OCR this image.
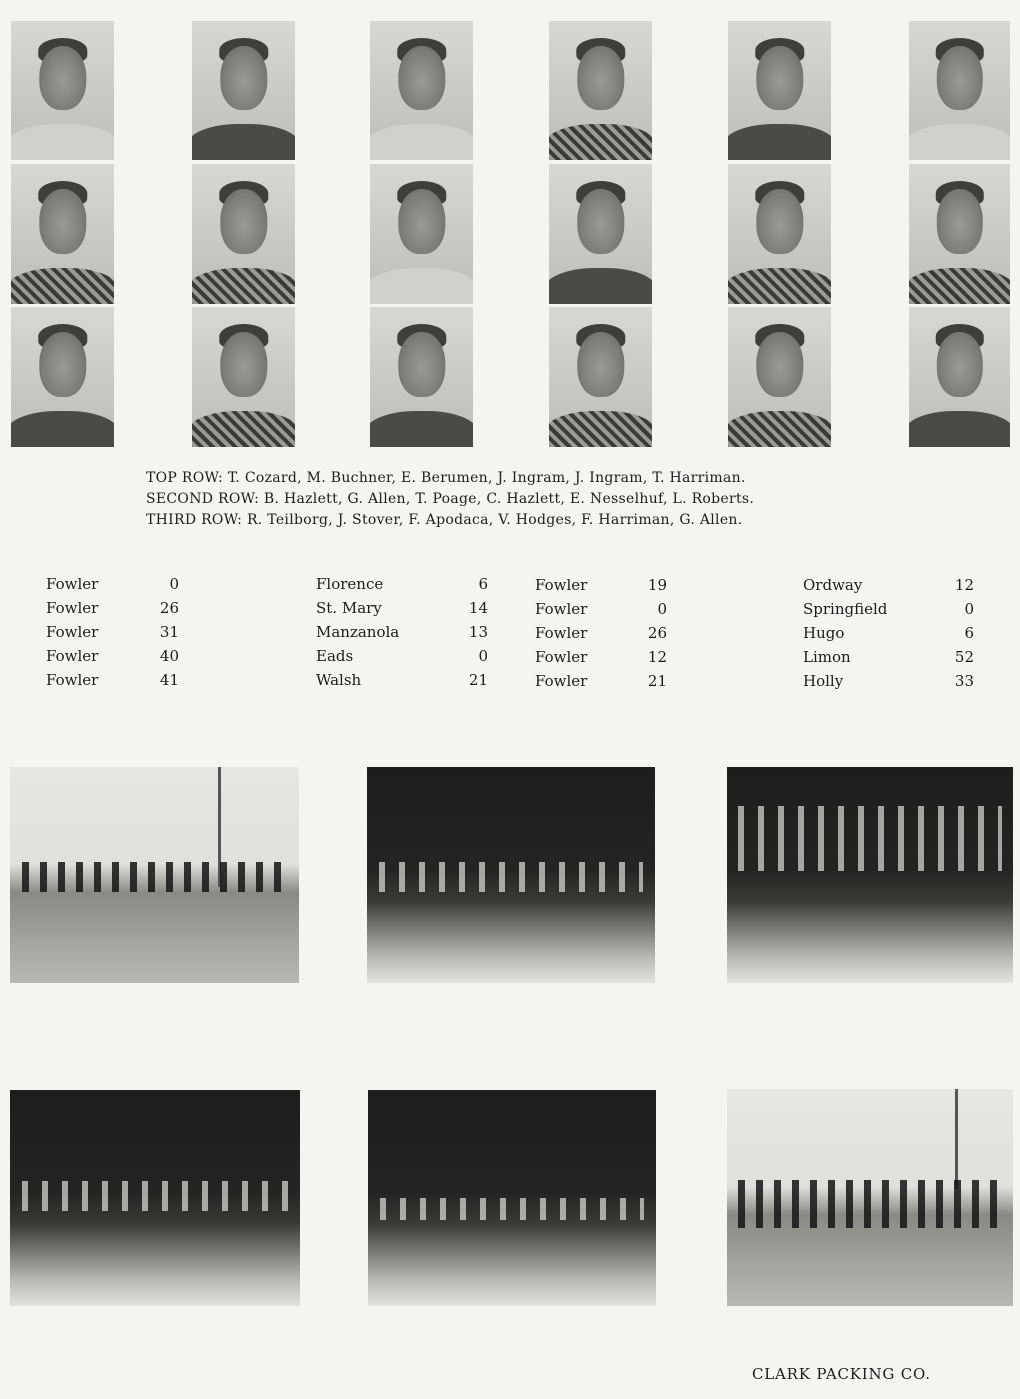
TOP ROW: T. Cozard, M. Buchner, E. Berumen, J. Ingram, J. Ingram, T. Harriman.
SECOND ROW: B. Hazlett, G. Allen, T. Poage, C. Hazlett, E. Nesselhuf, L. Roberts.
THIRD ROW: R. Teilborg, J. Stover, F. Apodaca, V. Hodges, F. Harriman, G. Allen.
Fowler	0	Florence	6
Fowler	26	St. Mary	14
Fowler	31	Manzanola	13
Fowler	40	Eads	0
Fowler	41	Walsh	21
Fowler	19	Ordway	12
Fowler	0	Springfield	0
Fowler	26	Hugo	6
Fowler	12	Limon	52
Fowler	21	Holly	33
CLARK PACKING CO.
